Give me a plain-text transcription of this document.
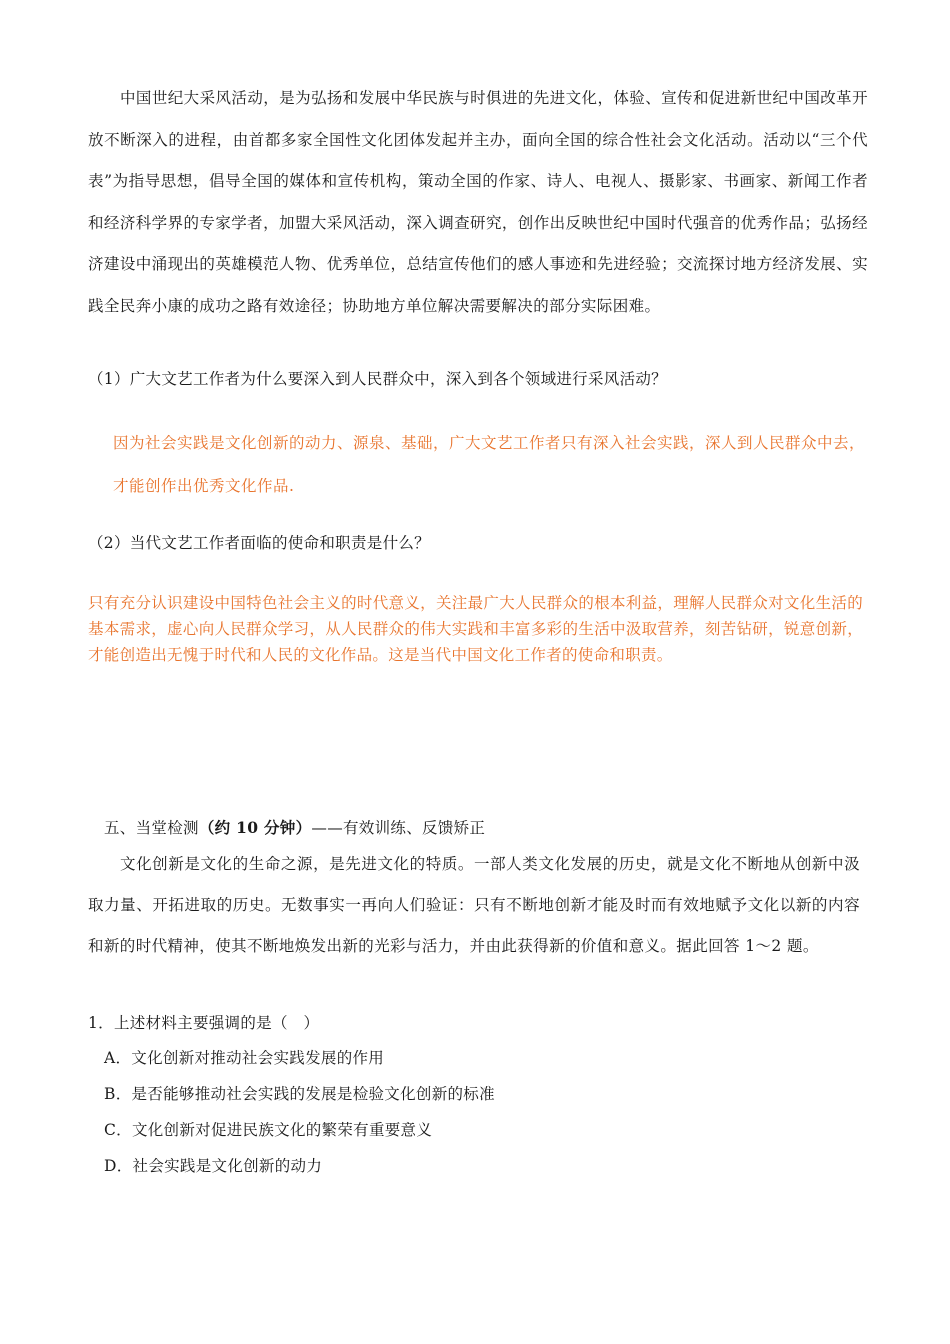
中国世纪大采风活动，是为弘扬和发展中华民族与时俱进的先进文化，体验、宣传和促进新世纪中国改革开放不断深入的进程，由首都多家全国性文化团体发起并主办，面向全国的综合性社会文化活动。活动以“三个代表”为指导思想，倡导全国的媒体和宣传机构，策动全国的作家、诗人、电视人、摄影家、书画家、新闻工作者和经济科学界的专家学者，加盟大采风活动，深入调查研究，创作出反映世纪中国时代强音的优秀作品；弘扬经济建设中涌现出的英雄模范人物、优秀单位，总结宣传他们的感人事迹和先进经验；交流探讨地方经济发展、实践全民奔小康的成功之路有效途径；协助地方单位解决需要解决的部分实际困难。

（1）广大文艺工作者为什么要深入到人民群众中，深入到各个领域进行采风活动？

因为社会实践是文化创新的动力、源泉、基础，广大文艺工作者只有深入社会实践，深人到人民群众中去，才能创作出优秀文化作品.

（2）当代文艺工作者面临的使命和职责是什么？

只有充分认识建设中国特色社会主义的时代意义，关注最广大人民群众的根本利益，理解人民群众对文化生活的基本需求，虚心向人民群众学习，从人民群众的伟大实践和丰富多彩的生活中汲取营养，刻苦钻研，锐意创新，才能创造出无愧于时代和人民的文化作品。这是当代中国文化工作者的使命和职责。

五、当堂检测（约 10 分钟）——有效训练、反馈矫正

文化创新是文化的生命之源，是先进文化的特质。一部人类文化发展的历史，就是文化不断地从创新中汲取力量、开拓进取的历史。无数事实一再向人们验证：只有不断地创新才能及时而有效地赋予文化以新的内容和新的时代精神，使其不断地焕发出新的光彩与活力，并由此获得新的价值和意义。据此回答 1～2 题。

1．上述材料主要强调的是（　）

A．文化创新对推动社会实践发展的作用

B．是否能够推动社会实践的发展是检验文化创新的标准

C．文化创新对促进民族文化的繁荣有重要意义

D．社会实践是文化创新的动力
